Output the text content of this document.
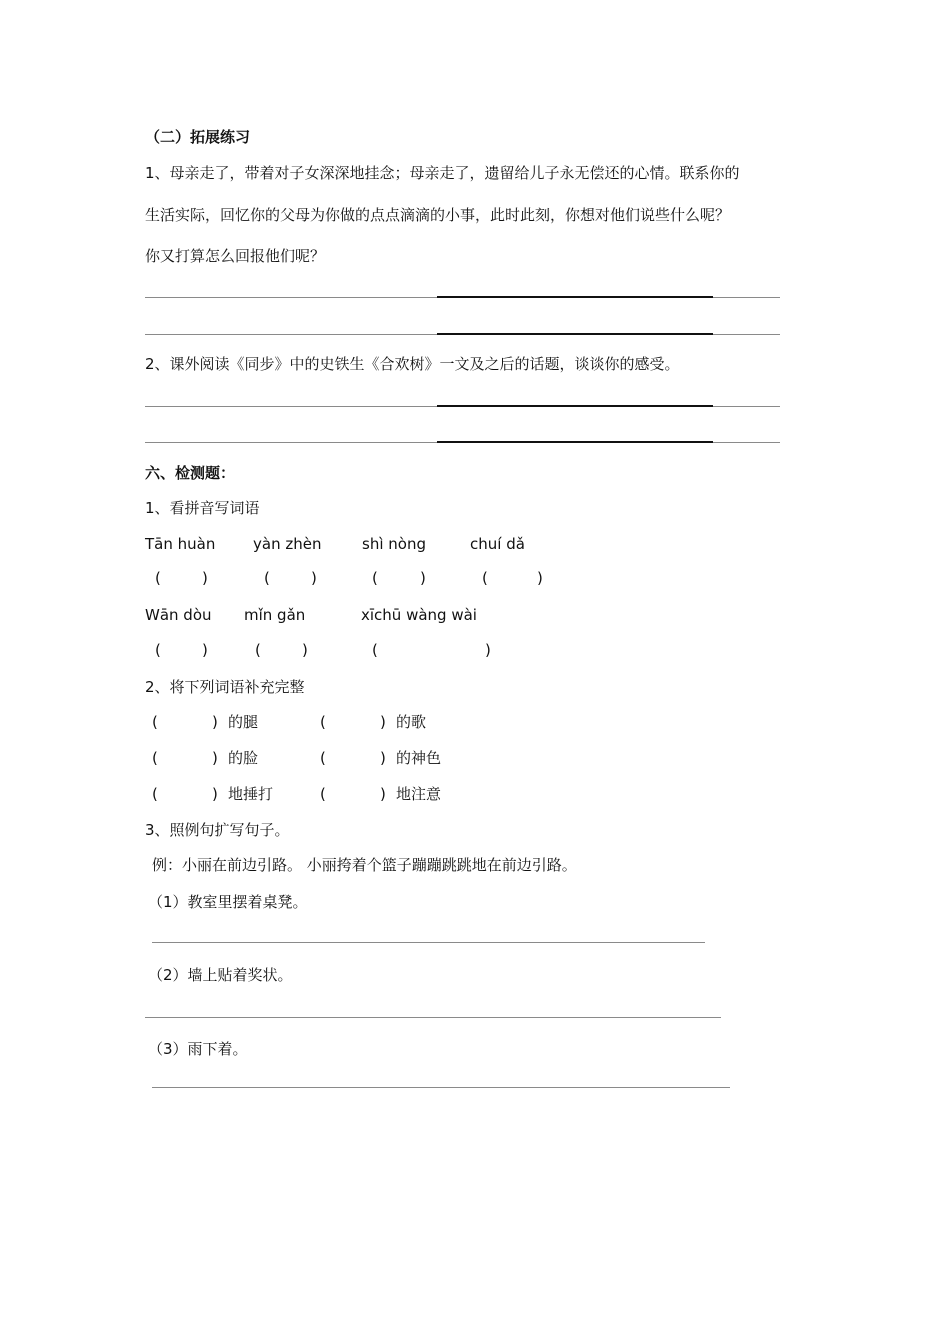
（二）拓展练习
1、母亲走了，带着对子女深深地挂念；母亲走了，遗留给儿子永无偿还的心情。联系你的
生活实际，回忆你的父母为你做的点点滴滴的小事，此时此刻，你想对他们说些什么呢？
你又打算怎么回报他们呢？
2、课外阅读《同步》中的史铁生《合欢树》一文及之后的话题，谈谈你的感受。
六、检测题：
1、看拼音写词语
Tān huàn	yàn zhèn	shì nòng	chuí dǎ
(	)	(	)	(	)	(	)
Wān dòu mǐn gǎn	xīchū wàng wài
(	)	(	)	(	)
2、将下列词语补充完整
(	) 的腿	(	) 的歌
(	) 的脸	(	) 的神色
(	) 地捶打	(	) 地注意
3、照例句扩写句子。
例：小丽在前边引路。 小丽挎着个篮子蹦蹦跳跳地在前边引路。
（1）教室里摆着桌凳。
（2）墙上贴着奖状。
（3）雨下着。
